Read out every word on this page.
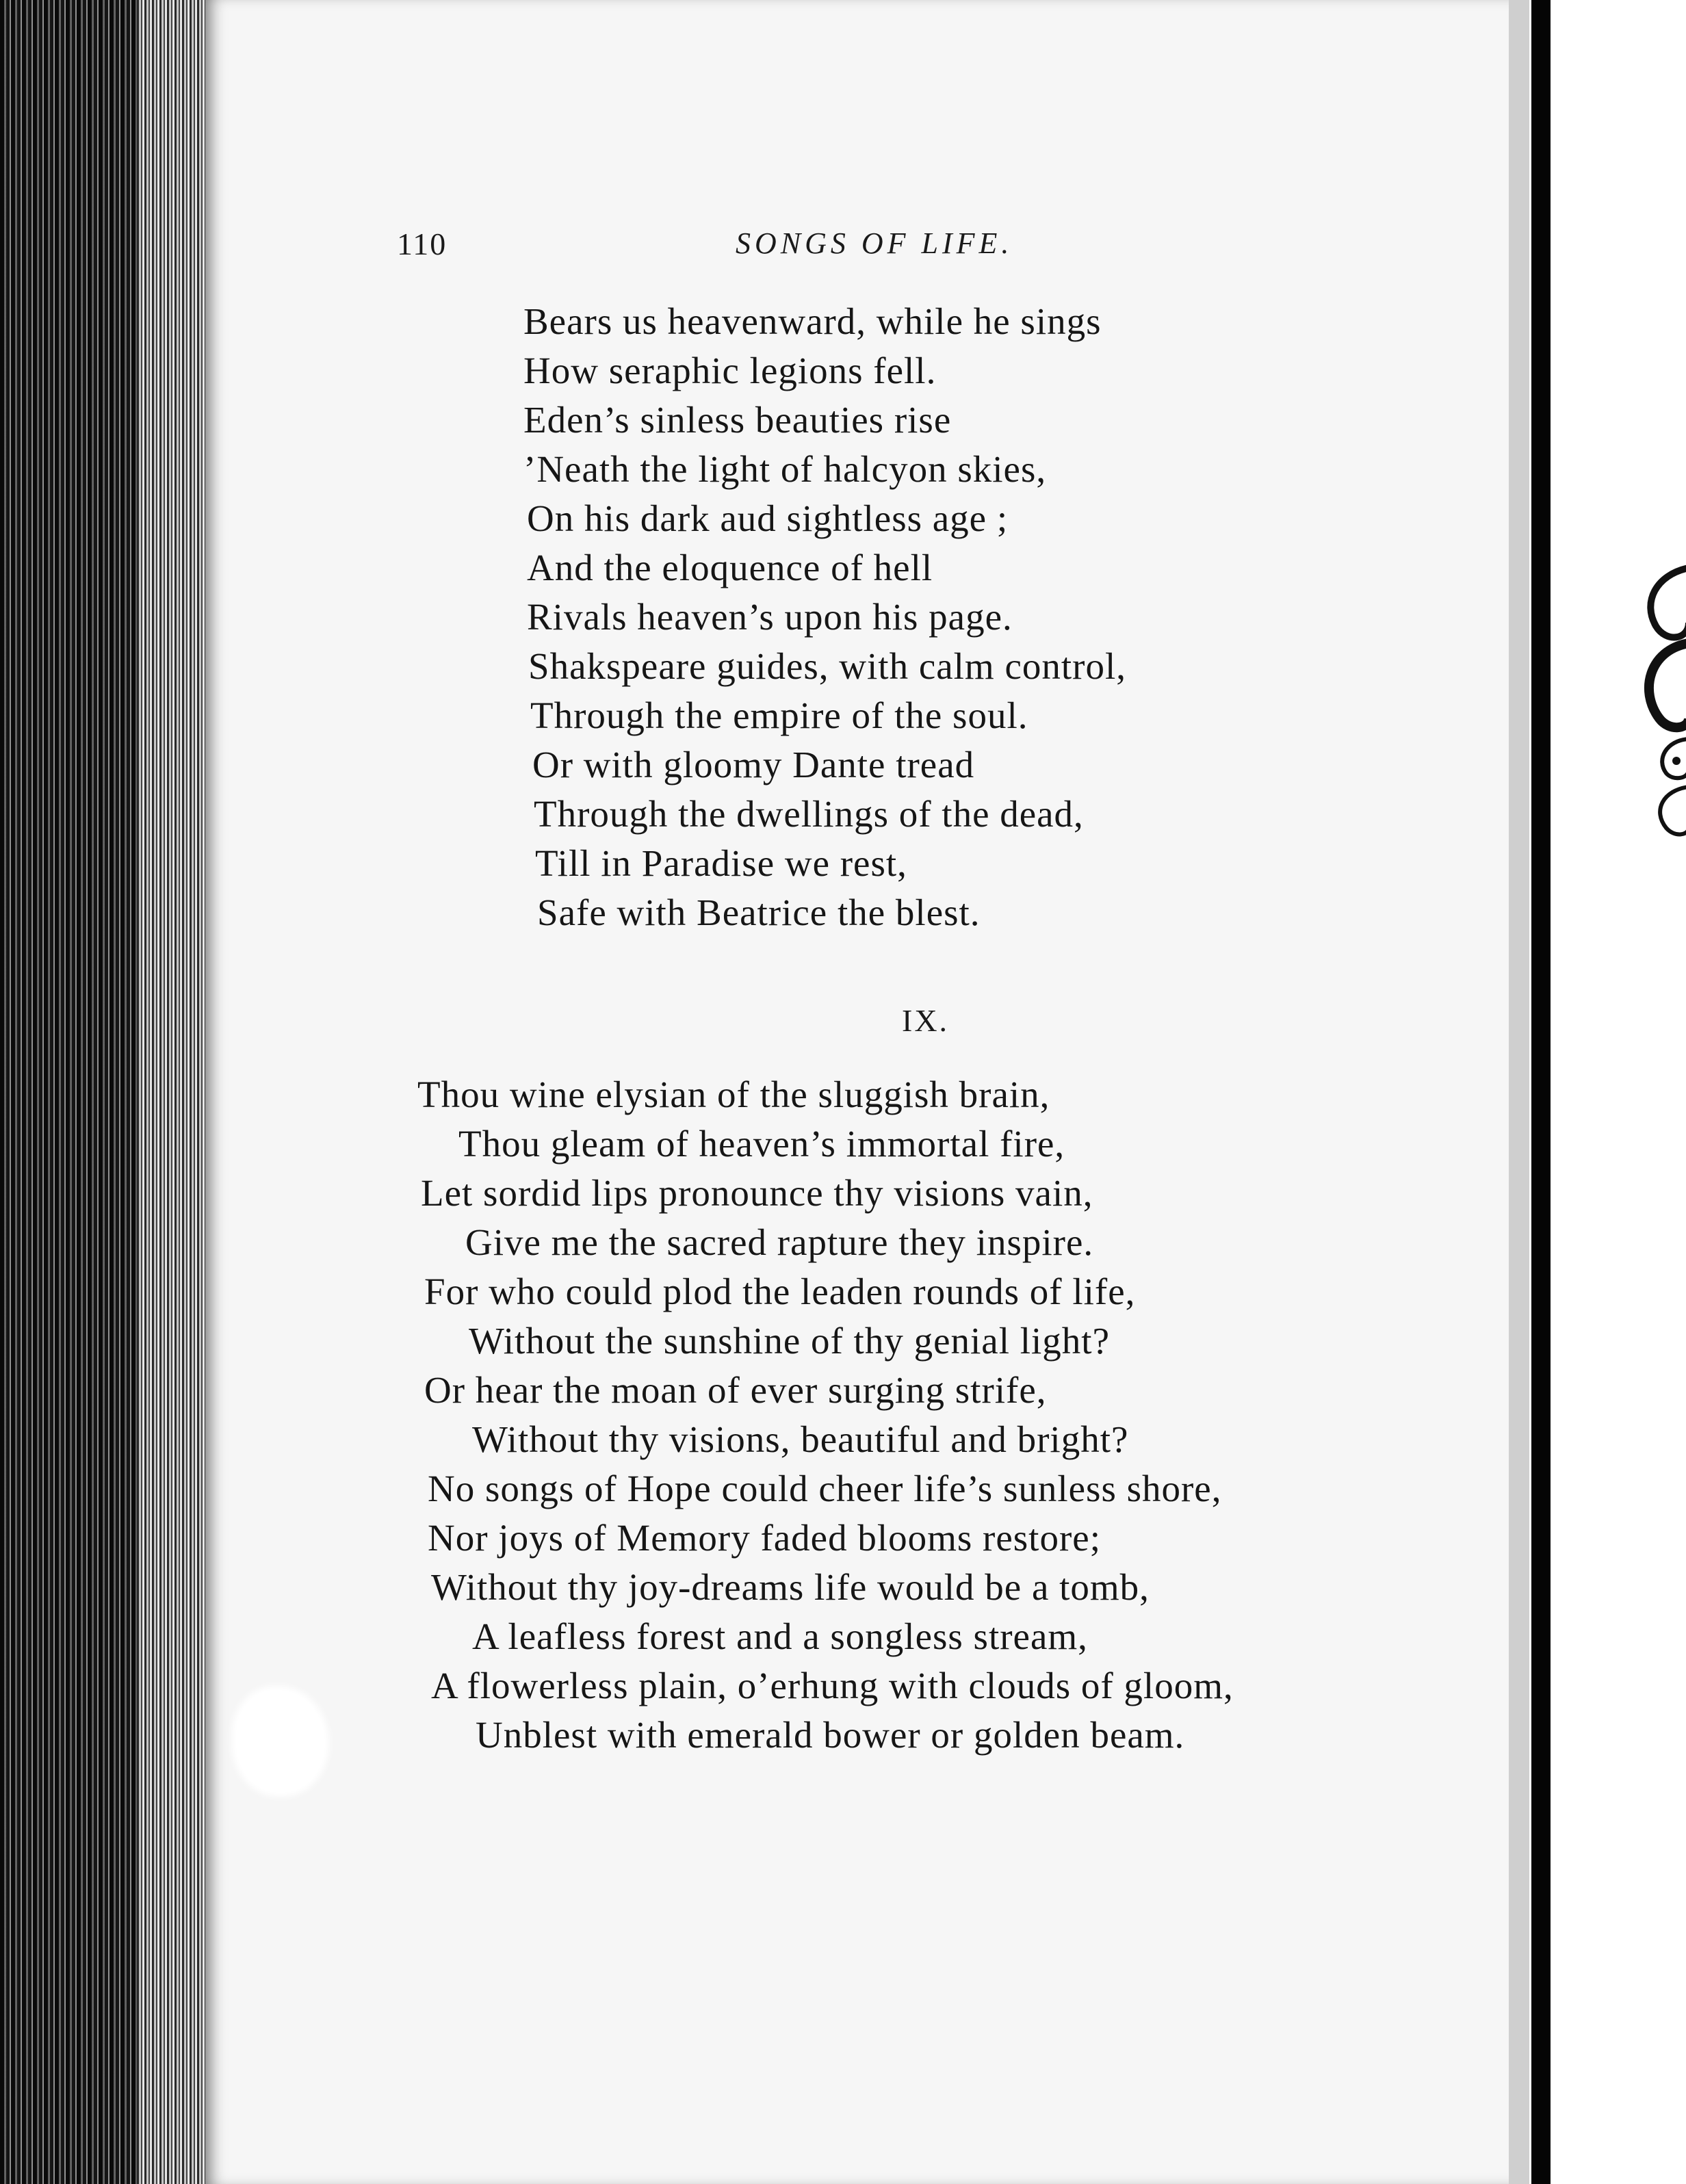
110	SONGS OF LIFE.
Bears us heavenward, while he sings
How seraphic legions fell.
Eden’s sinless beauties rise
’Neath the light of halcyon skies,
On his dark aud sightless age ;
And the eloquence of hell
Rivals heaven’s upon his page.
Shakspeare guides, with calm control,
Through the empire of the soul.
Or with gloomy Dante tread
Through the dwellings of the dead,
Till in Paradise we rest,
Safe with Beatrice the blest.
IX.
Thou wine elysian of the sluggish brain,
Thou gleam of heaven’s immortal fire,
Let sordid lips pronounce thy visions vain,
Give me the sacred rapture they inspire.
For who could plod the leaden rounds of life,
Without the sunshine of thy genial light?
Or hear the moan of ever surging strife,
Without thy visions, beautiful and bright?
No songs of Hope could cheer life’s sunless shore,
Nor joys of Memory faded blooms restore;
Without thy joy-dreams life would be a tomb,
A leafless forest and a songless stream,
A flowerless plain, o’erhung with clouds of gloom,
Unblest with emerald bower or golden beam.
